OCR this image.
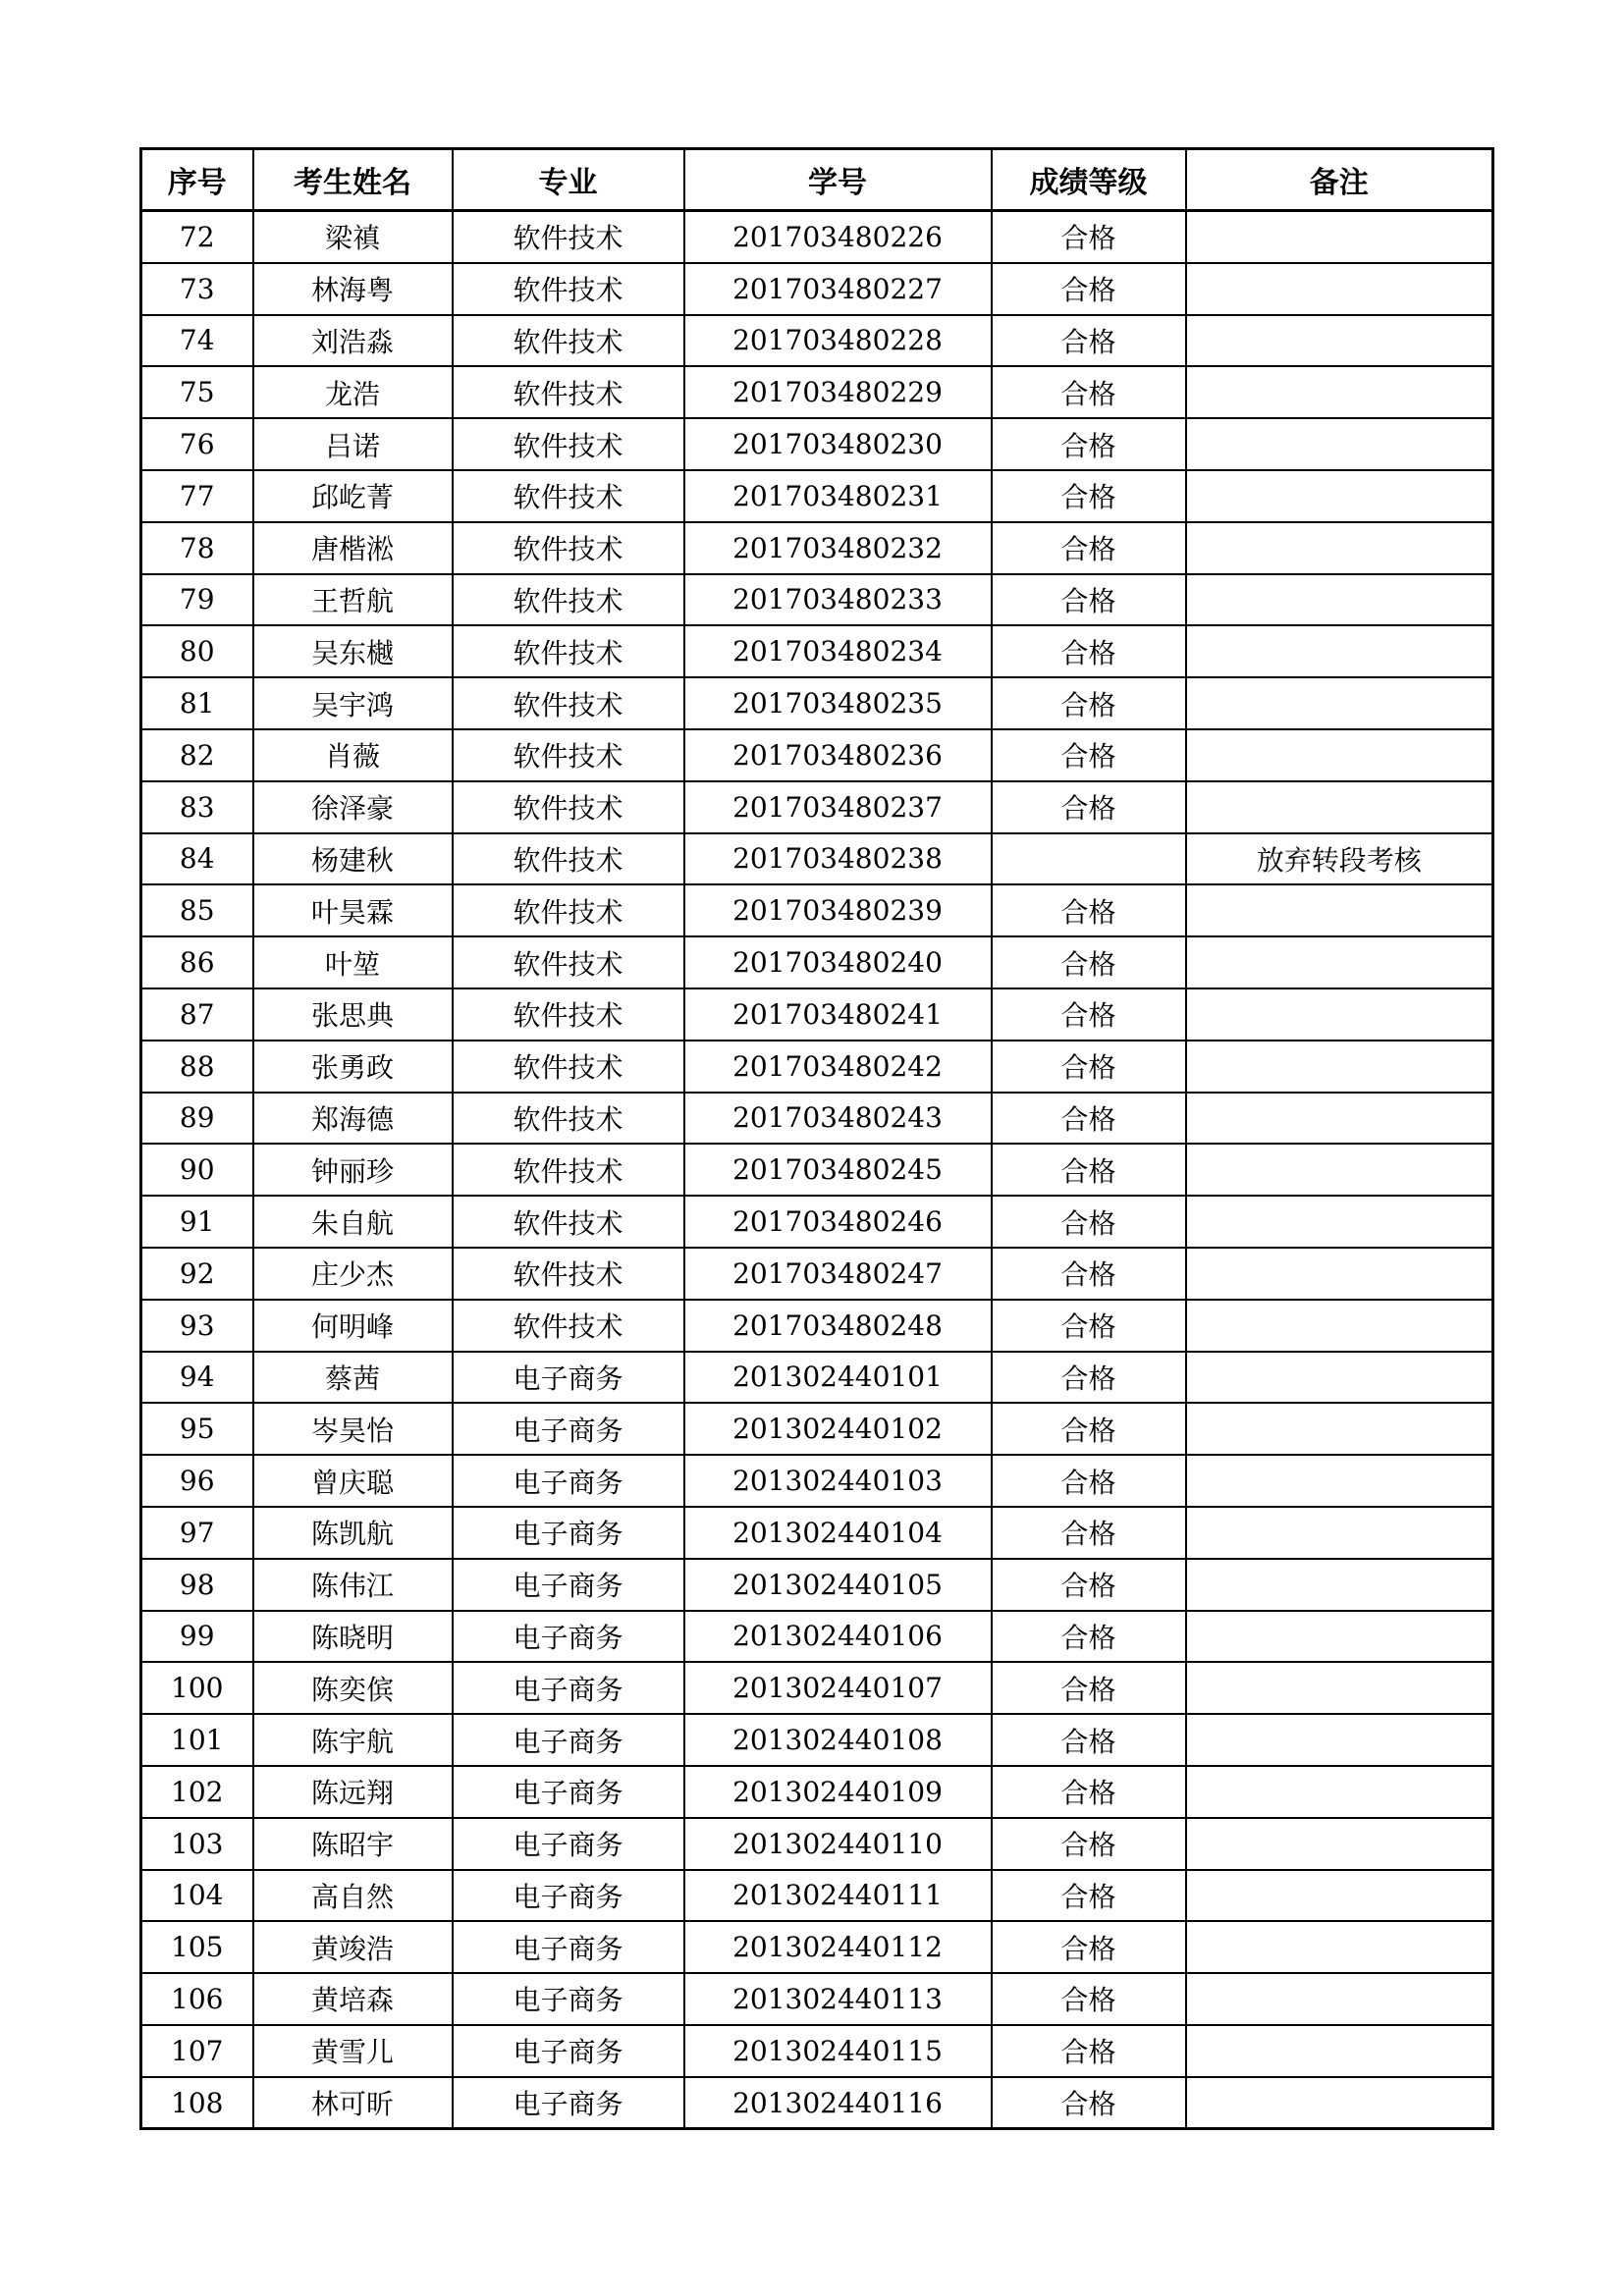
序号	考生姓名	专业	学号	成绩等级	备注
72	梁禛	软件技术	201703480226	合格	
73	林海粤	软件技术	201703480227	合格	
74	刘浩淼	软件技术	201703480228	合格	
75	龙浩	软件技术	201703480229	合格	
76	吕诺	软件技术	201703480230	合格	
77	邱屹菁	软件技术	201703480231	合格	
78	唐楷淞	软件技术	201703480232	合格	
79	王哲航	软件技术	201703480233	合格	
80	吴东樾	软件技术	201703480234	合格	
81	吴宇鸿	软件技术	201703480235	合格	
82	肖薇	软件技术	201703480236	合格	
83	徐泽豪	软件技术	201703480237	合格	
84	杨建秋	软件技术	201703480238		放弃转段考核
85	叶昊霖	软件技术	201703480239	合格	
86	叶堃	软件技术	201703480240	合格	
87	张思典	软件技术	201703480241	合格	
88	张勇政	软件技术	201703480242	合格	
89	郑海德	软件技术	201703480243	合格	
90	钟丽珍	软件技术	201703480245	合格	
91	朱自航	软件技术	201703480246	合格	
92	庄少杰	软件技术	201703480247	合格	
93	何明峰	软件技术	201703480248	合格	
94	蔡茜	电子商务	201302440101	合格	
95	岑昊怡	电子商务	201302440102	合格	
96	曾庆聪	电子商务	201302440103	合格	
97	陈凯航	电子商务	201302440104	合格	
98	陈伟江	电子商务	201302440105	合格	
99	陈晓明	电子商务	201302440106	合格	
100	陈奕傧	电子商务	201302440107	合格	
101	陈宇航	电子商务	201302440108	合格	
102	陈远翔	电子商务	201302440109	合格	
103	陈昭宇	电子商务	201302440110	合格	
104	高自然	电子商务	201302440111	合格	
105	黄竣浩	电子商务	201302440112	合格	
106	黄培森	电子商务	201302440113	合格	
107	黄雪儿	电子商务	201302440115	合格	
108	林可昕	电子商务	201302440116	合格	
